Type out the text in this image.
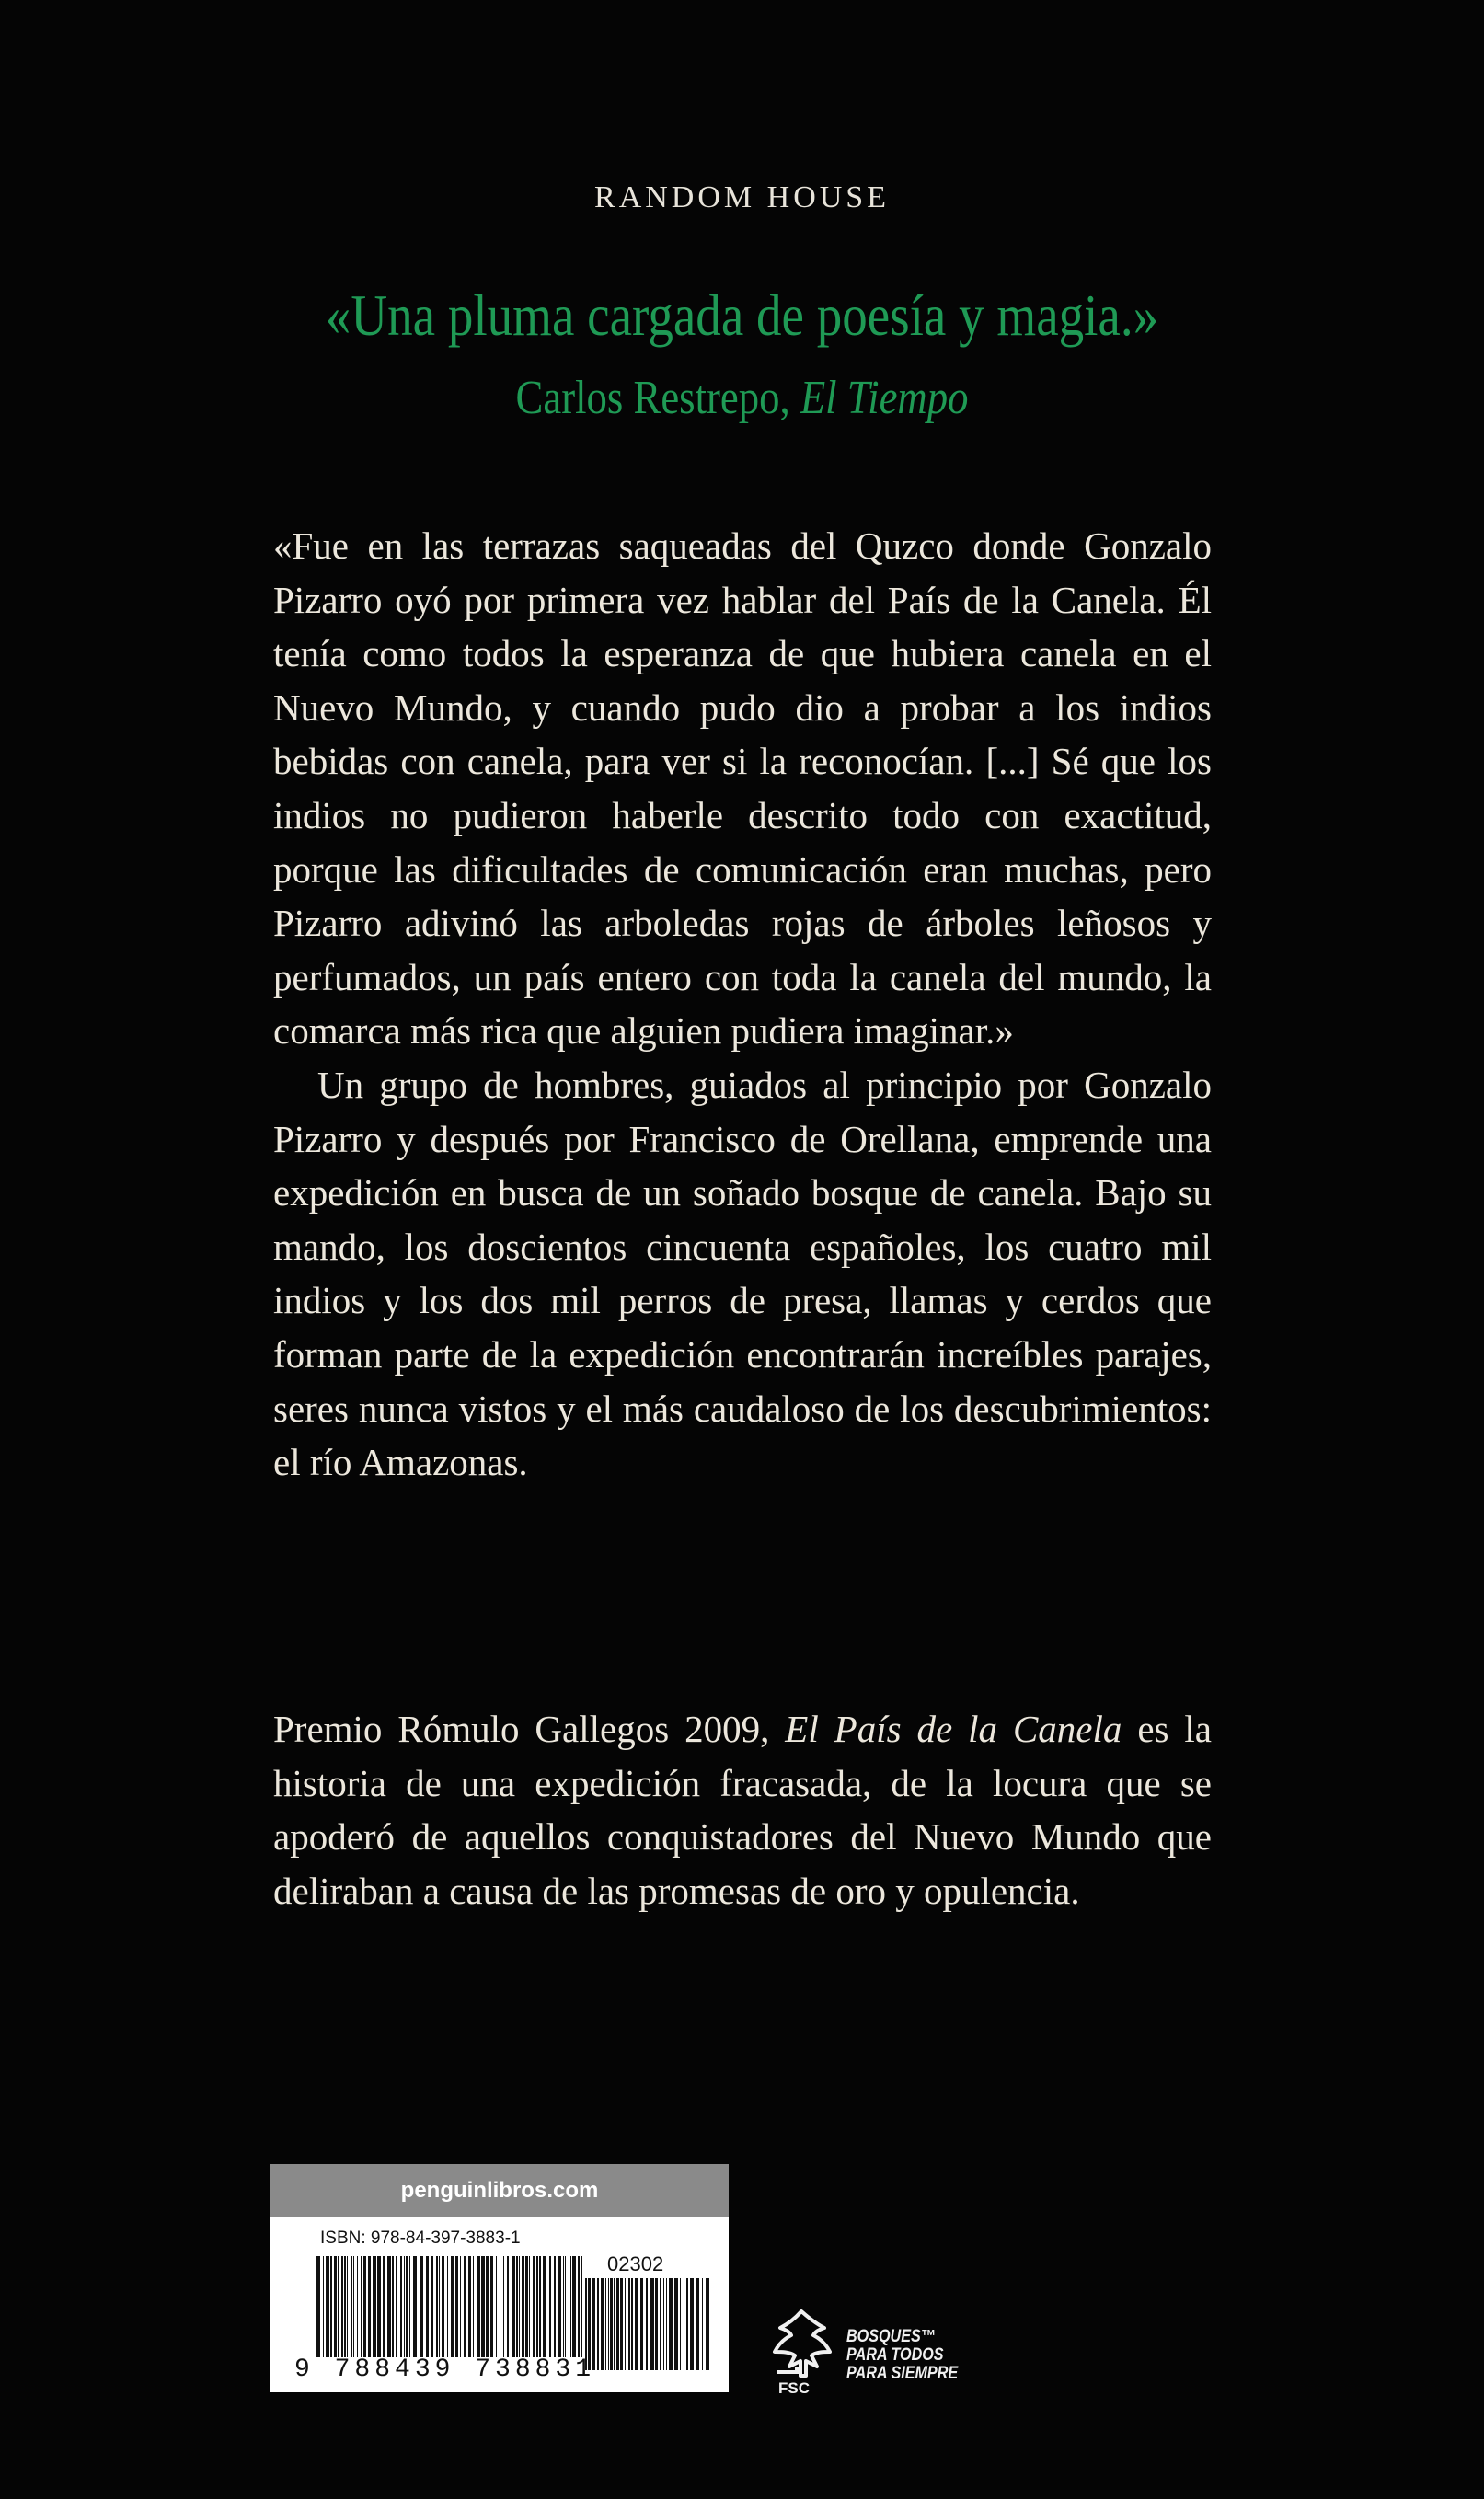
RANDOM HOUSE
«Una pluma cargada de poesía y magia.»
Carlos Restrepo, El Tiempo

«Fue en las terrazas saqueadas del Quzco donde Gonzalo Pizarro oyó por primera vez hablar del País de la Canela. Él tenía como todos la esperanza de que hubiera canela en el Nuevo Mundo, y cuando pudo dio a probar a los indios bebidas con canela, para ver si la reconocían. [...] Sé que los indios no pudieron haberle descrito todo con exactitud, porque las dificultades de comunicación eran muchas, pero Pizarro adivinó las arboledas rojas de árboles leñosos y perfumados, un país entero con toda la canela del mundo, la comarca más rica que alguien pudiera imaginar.»

Un grupo de hombres, guiados al principio por Gonzalo Pizarro y después por Francisco de Orellana, emprende una expedición en busca de un soñado bosque de canela. Bajo su mando, los doscientos cincuenta españoles, los cuatro mil indios y los dos mil perros de presa, llamas y cerdos que forman parte de la expedición encontrarán increíbles parajes, seres nunca vistos y el más caudaloso de los descubrimientos: el río Amazonas.

Premio Rómulo Gallegos 2009, El País de la Canela es la historia de una expedición fracasada, de la locura que se apoderó de aquellos conquistadores del Nuevo Mundo que deliraban a causa de las promesas de oro y opulencia.

penguinlibros.com
ISBN: 978-84-397-3883-1
02302
9 788439 738831
FSC
BOSQUES™
PARA TODOS
PARA SIEMPRE
